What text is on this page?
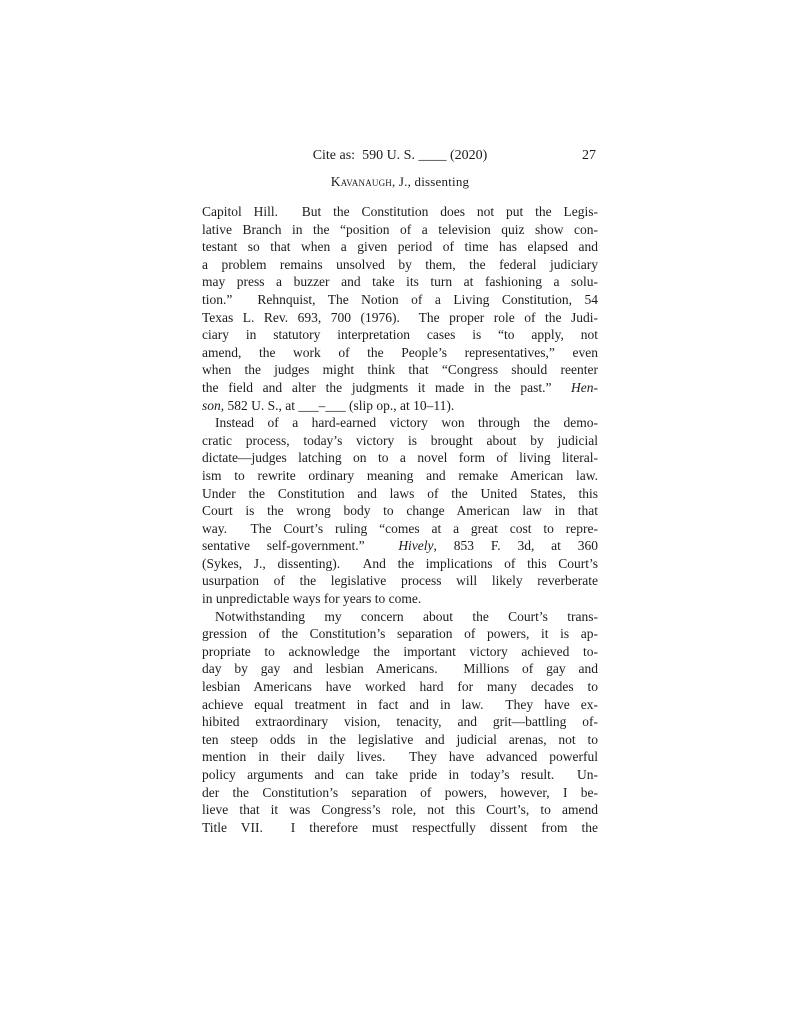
Cite as:  590 U. S. ____ (2020)	27
Kavanaugh, J., dissenting
Capitol Hill.  But the Constitution does not put the Legis-
lative Branch in the “position of a television quiz show con-
testant so that when a given period of time has elapsed and
a problem remains unsolved by them, the federal judiciary
may press a buzzer and take its turn at fashioning a solu-
tion.”  Rehnquist, The Notion of a Living Constitution, 54
Texas L. Rev. 693, 700 (1976).  The proper role of the Judi-
ciary in statutory interpretation cases is “to apply, not
amend, the work of the People’s representatives,” even
when the judges might think that “Congress should reenter
the field and alter the judgments it made in the past.”  Hen-
son, 582 U. S., at ___–___ (slip op., at 10–11).
Instead of a hard-earned victory won through the demo-
cratic process, today’s victory is brought about by judicial
dictate—judges latching on to a novel form of living literal-
ism to rewrite ordinary meaning and remake American law.
Under the Constitution and laws of the United States, this
Court is the wrong body to change American law in that
way.  The Court’s ruling “comes at a great cost to repre-
sentative self-government.”  Hively, 853 F. 3d, at 360
(Sykes, J., dissenting).  And the implications of this Court’s
usurpation of the legislative process will likely reverberate
in unpredictable ways for years to come.
Notwithstanding my concern about the Court’s trans-
gression of the Constitution’s separation of powers, it is ap-
propriate to acknowledge the important victory achieved to-
day by gay and lesbian Americans.  Millions of gay and
lesbian Americans have worked hard for many decades to
achieve equal treatment in fact and in law.  They have ex-
hibited extraordinary vision, tenacity, and grit—battling of-
ten steep odds in the legislative and judicial arenas, not to
mention in their daily lives.  They have advanced powerful
policy arguments and can take pride in today’s result.  Un-
der the Constitution’s separation of powers, however, I be-
lieve that it was Congress’s role, not this Court’s, to amend
Title VII.  I therefore must respectfully dissent from the
